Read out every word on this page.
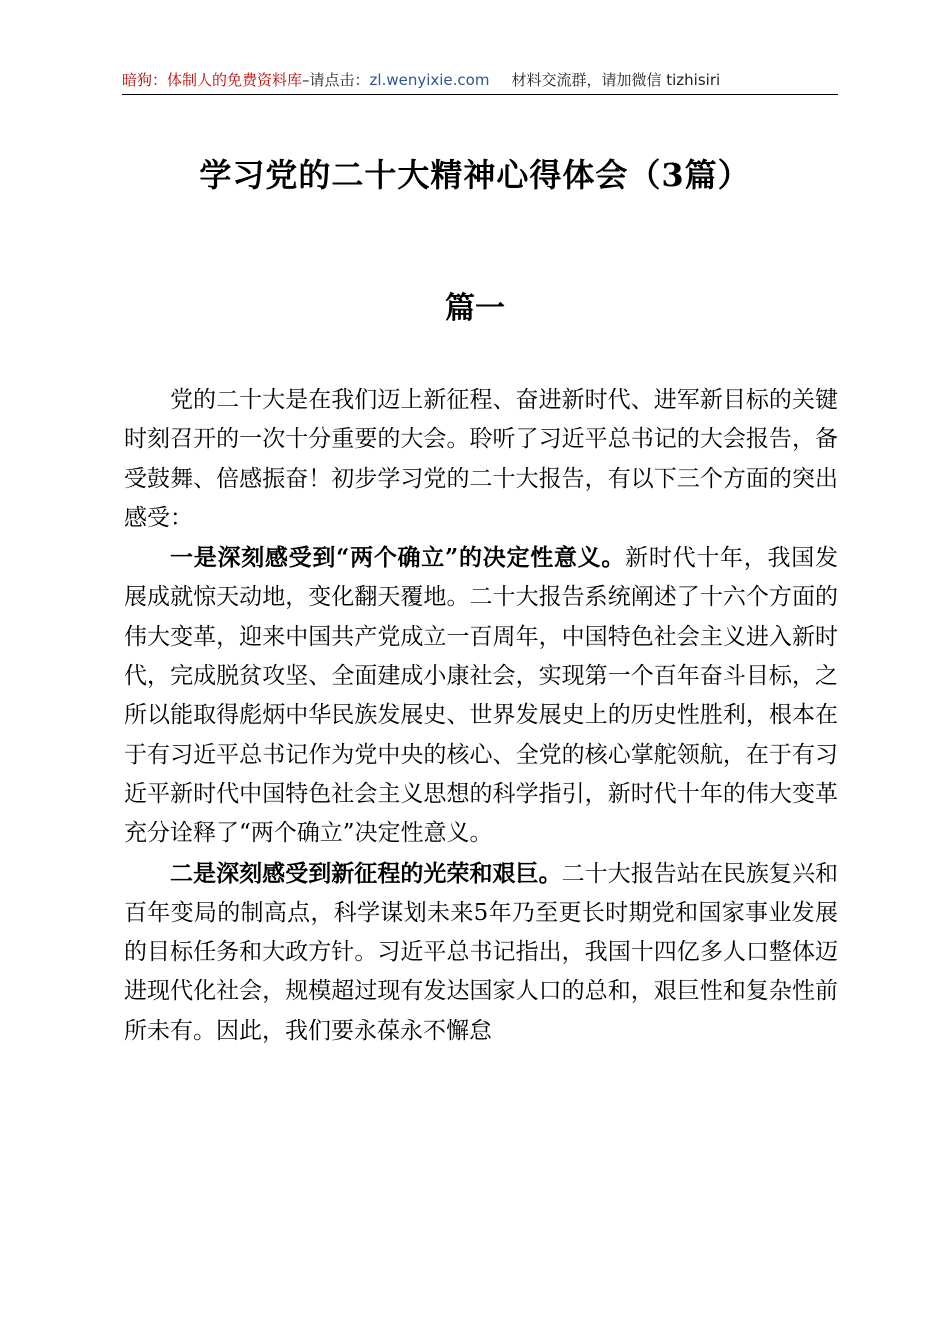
暗狗：体制人的免费资料库–请点击：zl.wenyixie.com 材料交流群，请加微信 tizhisiri
学习党的二十大精神心得体会（3篇）
篇一

党的二十大是在我们迈上新征程、奋进新时代、进军新目标的关键时刻召开的一次十分重要的大会。聆听了习近平总书记的大会报告，备受鼓舞、倍感振奋！初步学习党的二十大报告，有以下三个方面的突出感受：

一是深刻感受到“两个确立”的决定性意义。新时代十年，我国发展成就惊天动地，变化翻天覆地。二十大报告系统阐述了十六个方面的伟大变革，迎来中国共产党成立一百周年，中国特色社会主义进入新时代，完成脱贫攻坚、全面建成小康社会，实现第一个百年奋斗目标，之所以能取得彪炳中华民族发展史、世界发展史上的历史性胜利，根本在于有习近平总书记作为党中央的核心、全党的核心掌舵领航，在于有习近平新时代中国特色社会主义思想的科学指引，新时代十年的伟大变革充分诠释了“两个确立”决定性意义。

二是深刻感受到新征程的光荣和艰巨。二十大报告站在民族复兴和百年变局的制高点，科学谋划未来5年乃至更长时期党和国家事业发展的目标任务和大政方针。习近平总书记指出，我国十四亿多人口整体迈进现代化社会，规模超过现有发达国家人口的总和，艰巨性和复杂性前所未有。因此，我们要永葆永不懈怠
